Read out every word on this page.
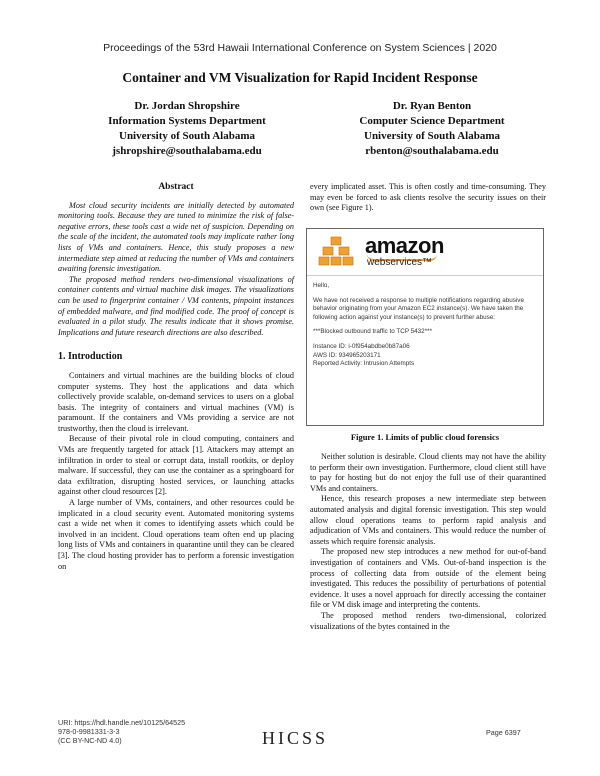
Proceedings of the 53rd Hawaii International Conference on System Sciences | 2020
Container and VM Visualization for Rapid Incident Response
Dr. Jordan Shropshire
Information Systems Department
University of South Alabama
jshropshire@southalabama.edu
Dr. Ryan Benton
Computer Science Department
University of South Alabama
rbenton@southalabama.edu
Abstract

Most cloud security incidents are initially detected by automated monitoring tools. Because they are tuned to minimize the risk of false-negative errors, these tools cast a wide net of suspicion. Depending on the scale of the incident, the automated tools may implicate rather long lists of VMs and containers. Hence, this study proposes a new intermediate step aimed at reducing the number of VMs and containers awaiting forensic investigation.

The proposed method renders two-dimensional visualizations of container contents and virtual machine disk images. The visualizations can be used to fingerprint container / VM contents, pinpoint instances of embedded malware, and find modified code. The proof of concept is evaluated in a pilot study. The results indicate that it shows promise. Implications and future research directions are also described.

1. Introduction

Containers and virtual machines are the building blocks of cloud computer systems. They host the applications and data which collectively provide scalable, on-demand services to users on a global basis. The integrity of containers and virtual machines (VM) is paramount. If the containers and VMs providing a service are not trustworthy, then the cloud is irrelevant.

Because of their pivotal role in cloud computing, containers and VMs are frequently targeted for attack [1]. Attackers may attempt an infiltration in order to steal or corrupt data, install rootkits, or deploy malware. If successful, they can use the container as a springboard for data exfiltration, disrupting hosted services, or launching attacks against other cloud resources [2].

A large number of VMs, containers, and other resources could be implicated in a cloud security event. Automated monitoring systems cast a wide net when it comes to identifying assets which could be involved in an incident. Cloud operations team often end up placing long lists of VMs and containers in quarantine until they can be cleared [3]. The cloud hosting provider has to perform a forensic investigation on

every implicated asset. This is often costly and time-consuming. They may even be forced to ask clients resolve the security issues on their own (see Figure 1).

amazon
webservices™
Hello,
We have not received a response to multiple notifications regarding abusive behavior originating from your Amazon EC2 instance(s). We have taken the following action against your instance(s) to prevent further abuse:
***Blocked outbound traffic to TCP 5432***
Instance ID: i-0f954abdbe0b87a06
AWS ID: 934965203171
Reported Activity: Intrusion Attempts
Figure 1. Limits of public cloud forensics

Neither solution is desirable. Cloud clients may not have the ability to perform their own investigation. Furthermore, cloud client still have to pay for hosting but do not enjoy the full use of their quarantined VMs and containers.

Hence, this research proposes a new intermediate step between automated analysis and digital forensic investigation. This step would allow cloud operations teams to perform rapid analysis and adjudication of VMs and containers. This would reduce the number of assets which require forensic analysis.

The proposed new step introduces a new method for out-of-band investigation of containers and VMs. Out-of-band inspection is the process of collecting data from outside of the element being investigated. This reduces the possibility of perturbations of potential evidence. It uses a novel approach for directly accessing the container file or VM disk image and interpreting the contents.

The proposed method renders two-dimensional, colorized visualizations of the bytes contained in the

URI: https://hdl.handle.net/10125/64525
978-0-9981331-3-3
(CC BY-NC-ND 4.0)	HICSS	Page 6397
